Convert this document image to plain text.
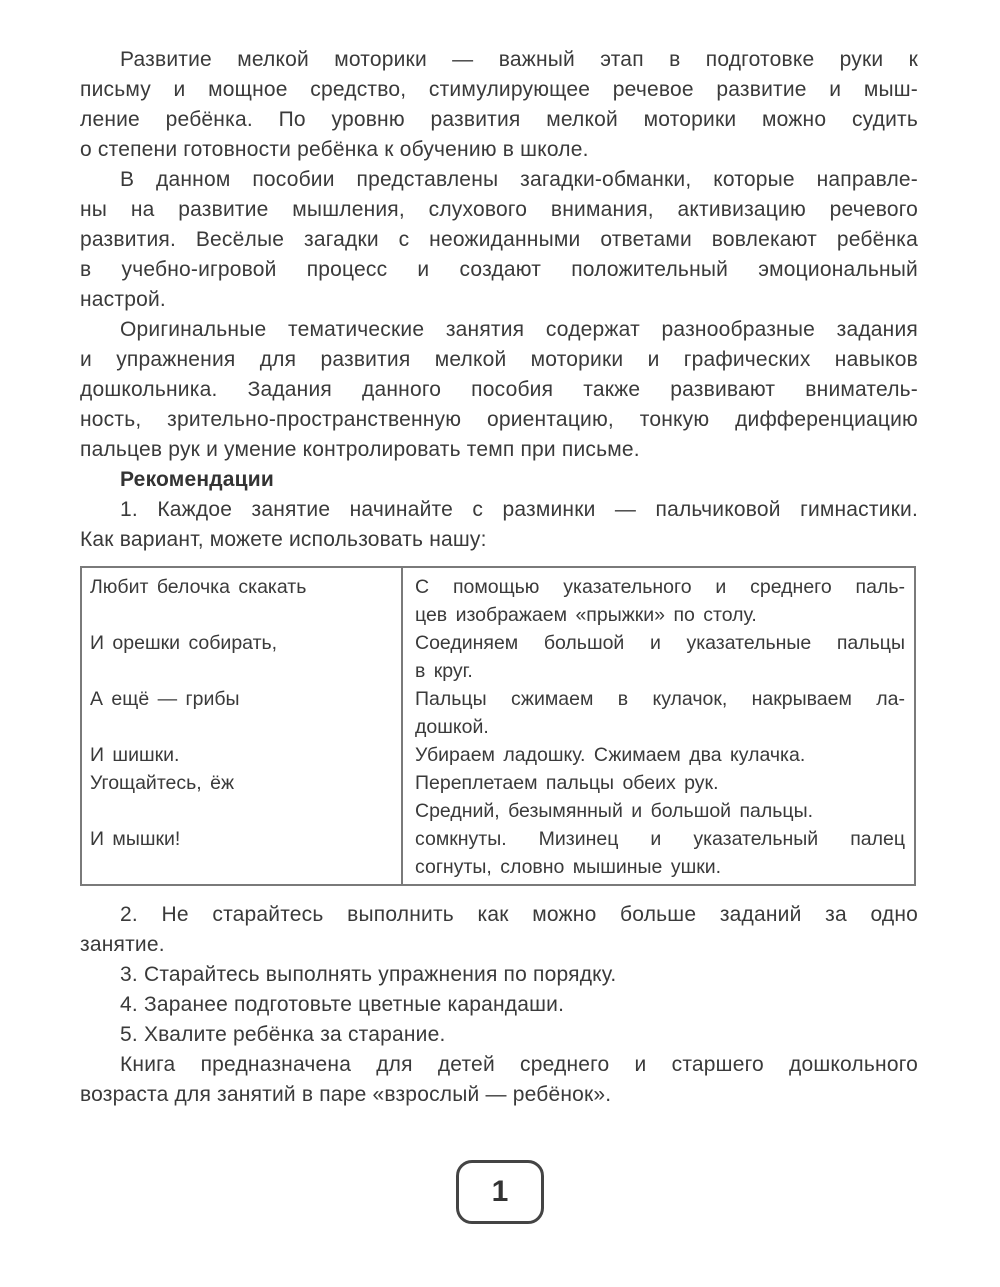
Развитие мелкой моторики — важный этап в подготовке руки к
письму и мощное средство, стимулирующее речевое развитие и мыш-
ление ребёнка. По уровню развития мелкой моторики можно судить
о степени готовности ребёнка к обучению в школе.
В данном пособии представлены загадки-обманки, которые направле-
ны на развитие мышления, слухового внимания, активизацию речевого
развития. Весёлые загадки с неожиданными ответами вовлекают ребёнка
в учебно-игровой процесс и создают положительный эмоциональный
настрой.
Оригинальные тематические занятия содержат разнообразные задания
и упражнения для развития мелкой моторики и графических навыков
дошкольника. Задания данного пособия также развивают вниматель-
ность, зрительно-пространственную ориентацию, тонкую дифференциацию
пальцев рук и умение контролировать темп при письме.
Рекомендации
1. Каждое занятие начинайте с разминки — пальчиковой гимнастики.
Как вариант, можете использовать нашу:
Любит белочка скакать
И орешки собирать,
А ещё — грибы
И шишки.
Угощайтесь, ёж
И мышки!
С помощью указательного и среднего паль-
цев изображаем «прыжки» по столу.
Соединяем большой и указательные пальцы
в круг.
Пальцы сжимаем в кулачок, накрываем ла-
дошкой.
Убираем ладошку. Сжимаем два кулачка.
Переплетаем пальцы обеих рук.
Средний, безымянный и большой пальцы.
сомкнуты. Мизинец и указательный палец
согнуты, словно мышиные ушки.
2. Не старайтесь выполнить как можно больше заданий за одно
занятие.
3. Старайтесь выполнять упражнения по порядку.
4. Заранее подготовьте цветные карандаши.
5. Хвалите ребёнка за старание.
Книга предназначена для детей среднего и старшего дошкольного
возраста для занятий в паре «взрослый — ребёнок».
1
